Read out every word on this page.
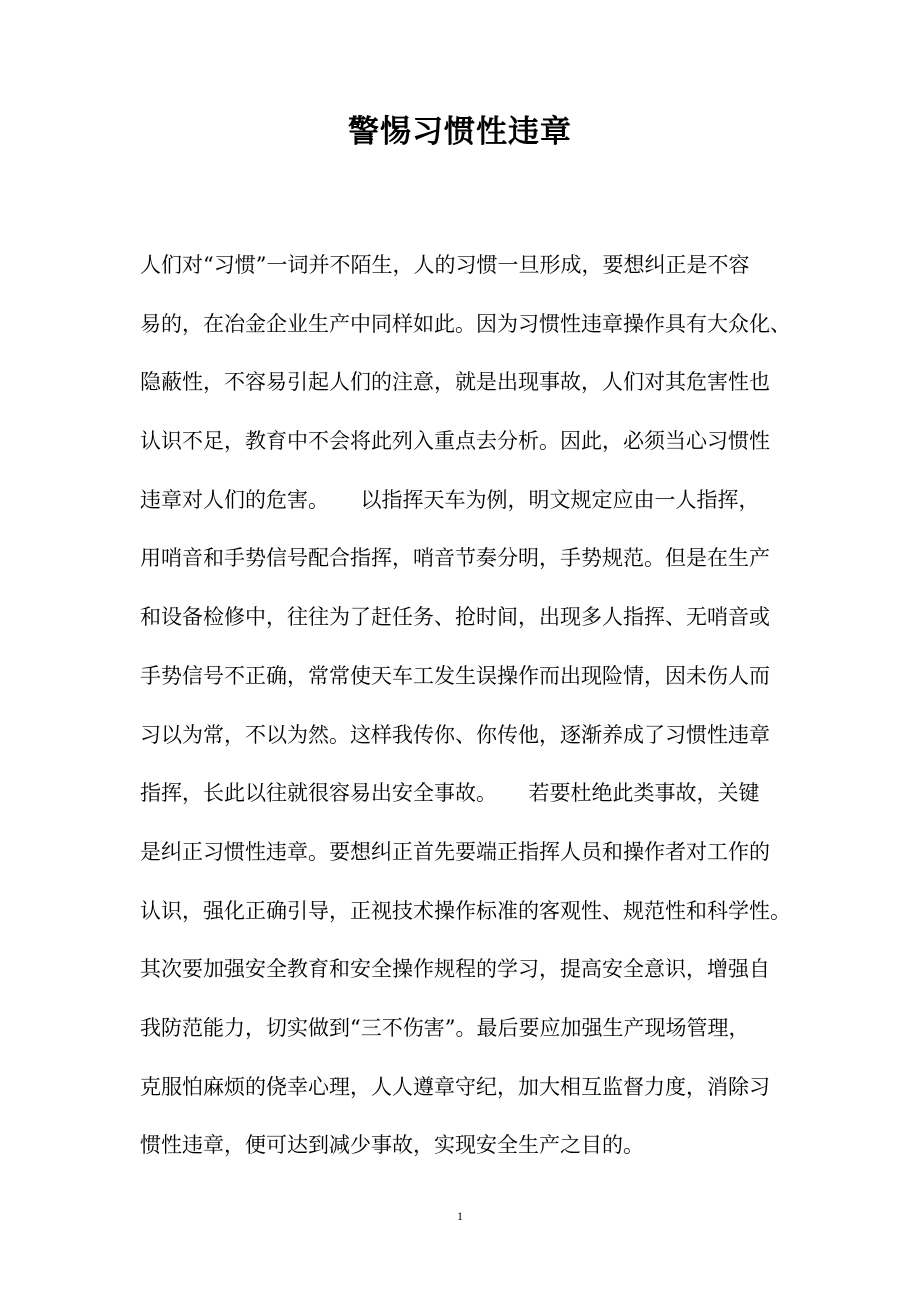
警惕习惯性违章
人们对“习惯”一词并不陌生，人的习惯一旦形成，要想纠正是不容
易的，在冶金企业生产中同样如此。因为习惯性违章操作具有大众化、
隐蔽性，不容易引起人们的注意，就是出现事故，人们对其危害性也
认识不足，教育中不会将此列入重点去分析。因此，必须当心习惯性
违章对人们的危害。　　以指挥天车为例，明文规定应由一人指挥，
用哨音和手势信号配合指挥，哨音节奏分明，手势规范。但是在生产
和设备检修中，往往为了赶任务、抢时间，出现多人指挥、无哨音或
手势信号不正确，常常使天车工发生误操作而出现险情，因未伤人而
习以为常，不以为然。这样我传你、你传他，逐渐养成了习惯性违章
指挥，长此以往就很容易出安全事故。　　若要杜绝此类事故，关键
是纠正习惯性违章。要想纠正首先要端正指挥人员和操作者对工作的
认识，强化正确引导，正视技术操作标准的客观性、规范性和科学性。
其次要加强安全教育和安全操作规程的学习，提高安全意识，增强自
我防范能力，切实做到“三不伤害”。最后要应加强生产现场管理，
克服怕麻烦的侥幸心理，人人遵章守纪，加大相互监督力度，消除习
惯性违章，便可达到减少事故，实现安全生产之目的。
1
